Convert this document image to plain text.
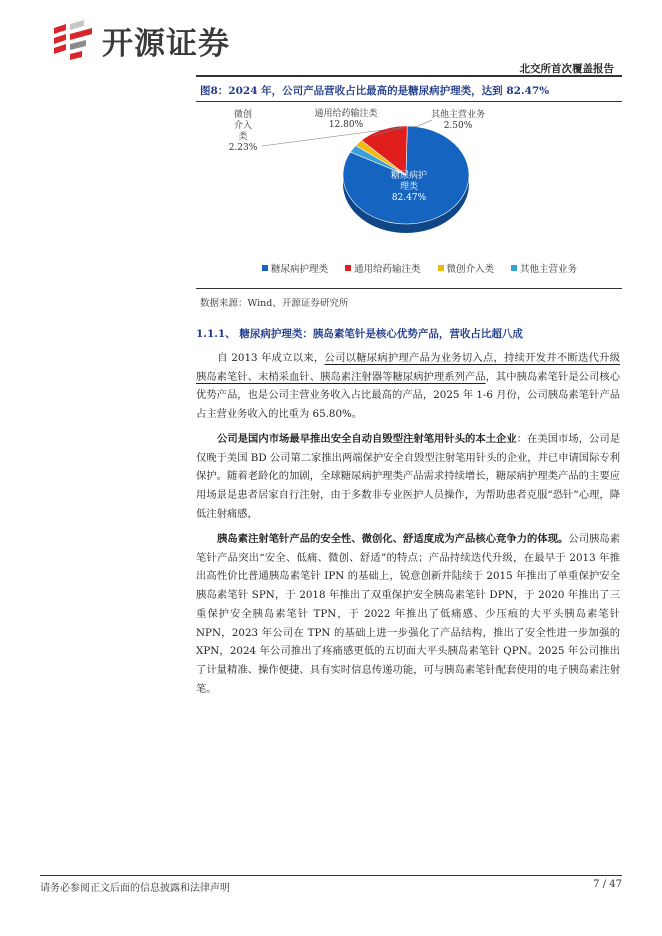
开源证券
北交所首次覆盖报告
图8：2024 年，公司产品营收占比最高的是糖尿病护理类，达到 82.47%
糖尿病护
理类
82.47%
通用给药输注类
12.80%
微创
介入
类
2.23%
其他主营业务
2.50%
糖尿病护理类	通用给药输注类	微创介入类	其他主营业务
数据来源：Wind、开源证券研究所
1.1.1、 糖尿病护理类：胰岛素笔针是核心优势产品，营收占比超八成
自 2013 年成立以来，公司以糖尿病护理产品为业务切入点，持续开发并不断迭代升级胰岛素笔针、末梢采血针、胰岛素注射器等糖尿病护理系列产品，其中胰岛素笔针是公司核心优势产品，也是公司主营业务收入占比最高的产品，2025 年 1-6 月份，公司胰岛素笔针产品占主营业务收入的比重为 65.80%。
公司是国内市场最早推出安全自动自毁型注射笔用针头的本土企业：在美国市场，公司是仅晚于美国 BD 公司第二家推出两端保护安全自毁型注射笔用针头的企业，并已申请国际专利保护。随着老龄化的加剧，全球糖尿病护理类产品需求持续增长，糖尿病护理类产品的主要应用场景是患者居家自行注射，由于多数非专业医护人员操作，为帮助患者克服“恐针”心理，降低注射痛感，
胰岛素注射笔针产品的安全性、微创化、舒适度成为产品核心竞争力的体现。公司胰岛素笔针产品突出“安全、低痛、微创、舒适”的特点；产品持续迭代升级，在最早于 2013 年推出高性价比普通胰岛素笔针 IPN 的基础上，锐意创新并陆续于 2015 年推出了单重保护安全胰岛素笔针 SPN，于 2018 年推出了双重保护安全胰岛素笔针 DPN，于 2020 年推出了三重保护安全胰岛素笔针 TPN，于 2022 年推出了低痛感、少压痕的大平头胰岛素笔针 NPN，2023 年公司在 TPN 的基础上进一步强化了产品结构，推出了安全性进一步加强的 XPN，2024 年公司推出了疼痛感更低的五切面大平头胰岛素笔针 QPN。2025 年公司推出了计量精准、操作便捷、具有实时信息传递功能，可与胰岛素笔针配套使用的电子胰岛素注射笔。
请务必参阅正文后面的信息披露和法律声明	7 / 47
